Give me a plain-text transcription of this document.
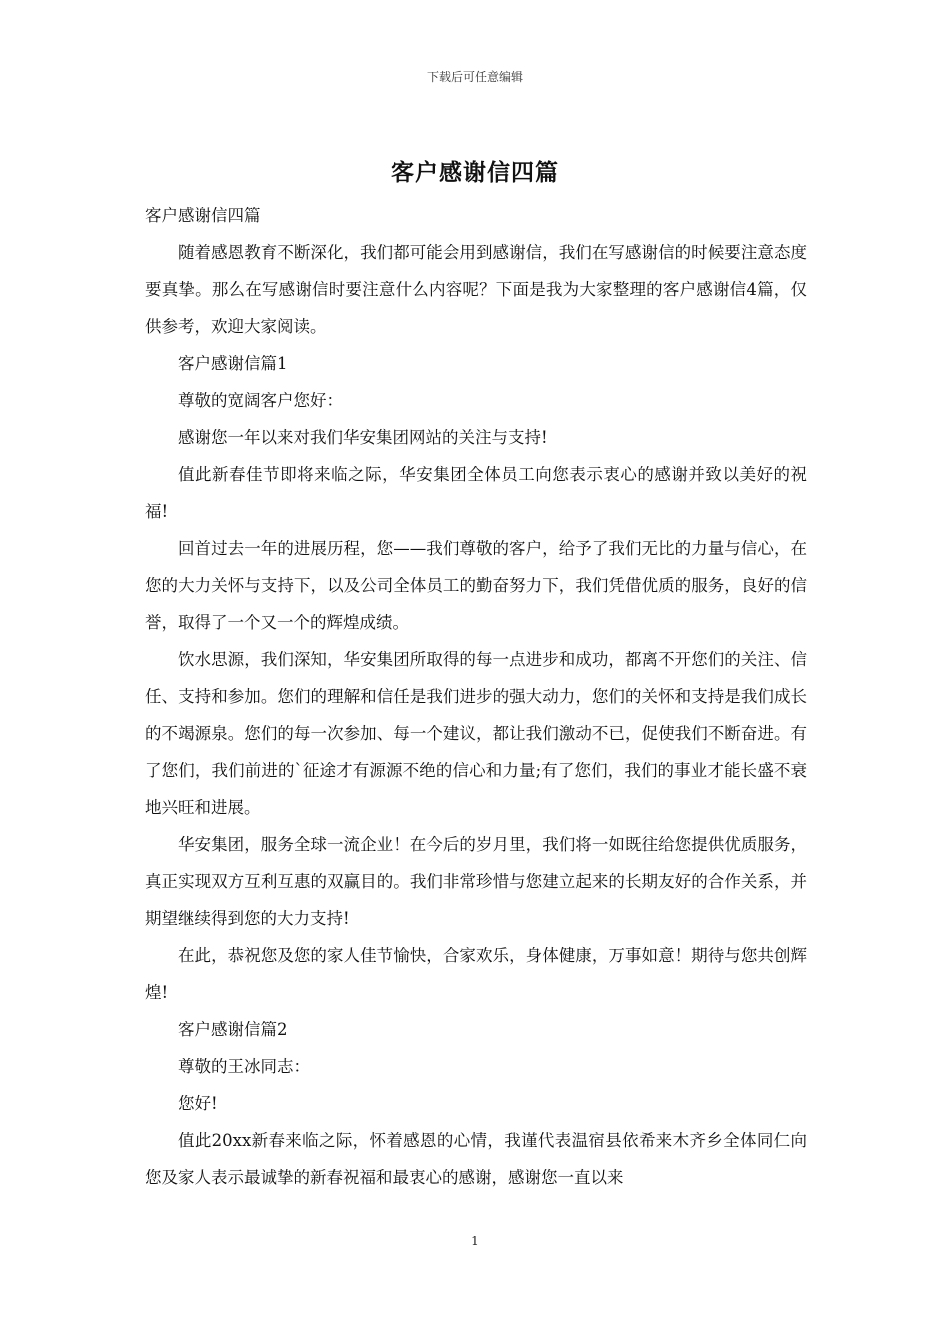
下载后可任意编辑
客户感谢信四篇

客户感谢信四篇

随着感恩教育不断深化，我们都可能会用到感谢信，我们在写感谢信的时候要注意态度要真挚。那么在写感谢信时要注意什么内容呢？下面是我为大家整理的客户感谢信4篇，仅供参考，欢迎大家阅读。

客户感谢信篇1

尊敬的宽阔客户您好：

感谢您一年以来对我们华安集团网站的关注与支持!

值此新春佳节即将来临之际，华安集团全体员工向您表示衷心的感谢并致以美好的祝福!

回首过去一年的进展历程，您——我们尊敬的客户，给予了我们无比的力量与信心，在您的大力关怀与支持下，以及公司全体员工的勤奋努力下，我们凭借优质的服务，良好的信誉，取得了一个又一个的辉煌成绩。

饮水思源，我们深知，华安集团所取得的每一点进步和成功，都离不开您们的关注、信任、支持和参加。您们的理解和信任是我们进步的强大动力，您们的关怀和支持是我们成长的不竭源泉。您们的每一次参加、每一个建议，都让我们激动不已，促使我们不断奋进。有了您们，我们前进的`征途才有源源不绝的信心和力量;有了您们，我们的事业才能长盛不衰地兴旺和进展。

华安集团，服务全球一流企业！在今后的岁月里，我们将一如既往给您提供优质服务，真正实现双方互利互惠的双赢目的。我们非常珍惜与您建立起来的长期友好的合作关系，并期望继续得到您的大力支持!

在此，恭祝您及您的家人佳节愉快，合家欢乐，身体健康，万事如意！期待与您共创辉煌!

客户感谢信篇2

尊敬的王冰同志：

您好!

值此20xx新春来临之际，怀着感恩的心情，我谨代表温宿县依希来木齐乡全体同仁向您及家人表示最诚挚的新春祝福和最衷心的感谢，感谢您一直以来

1
